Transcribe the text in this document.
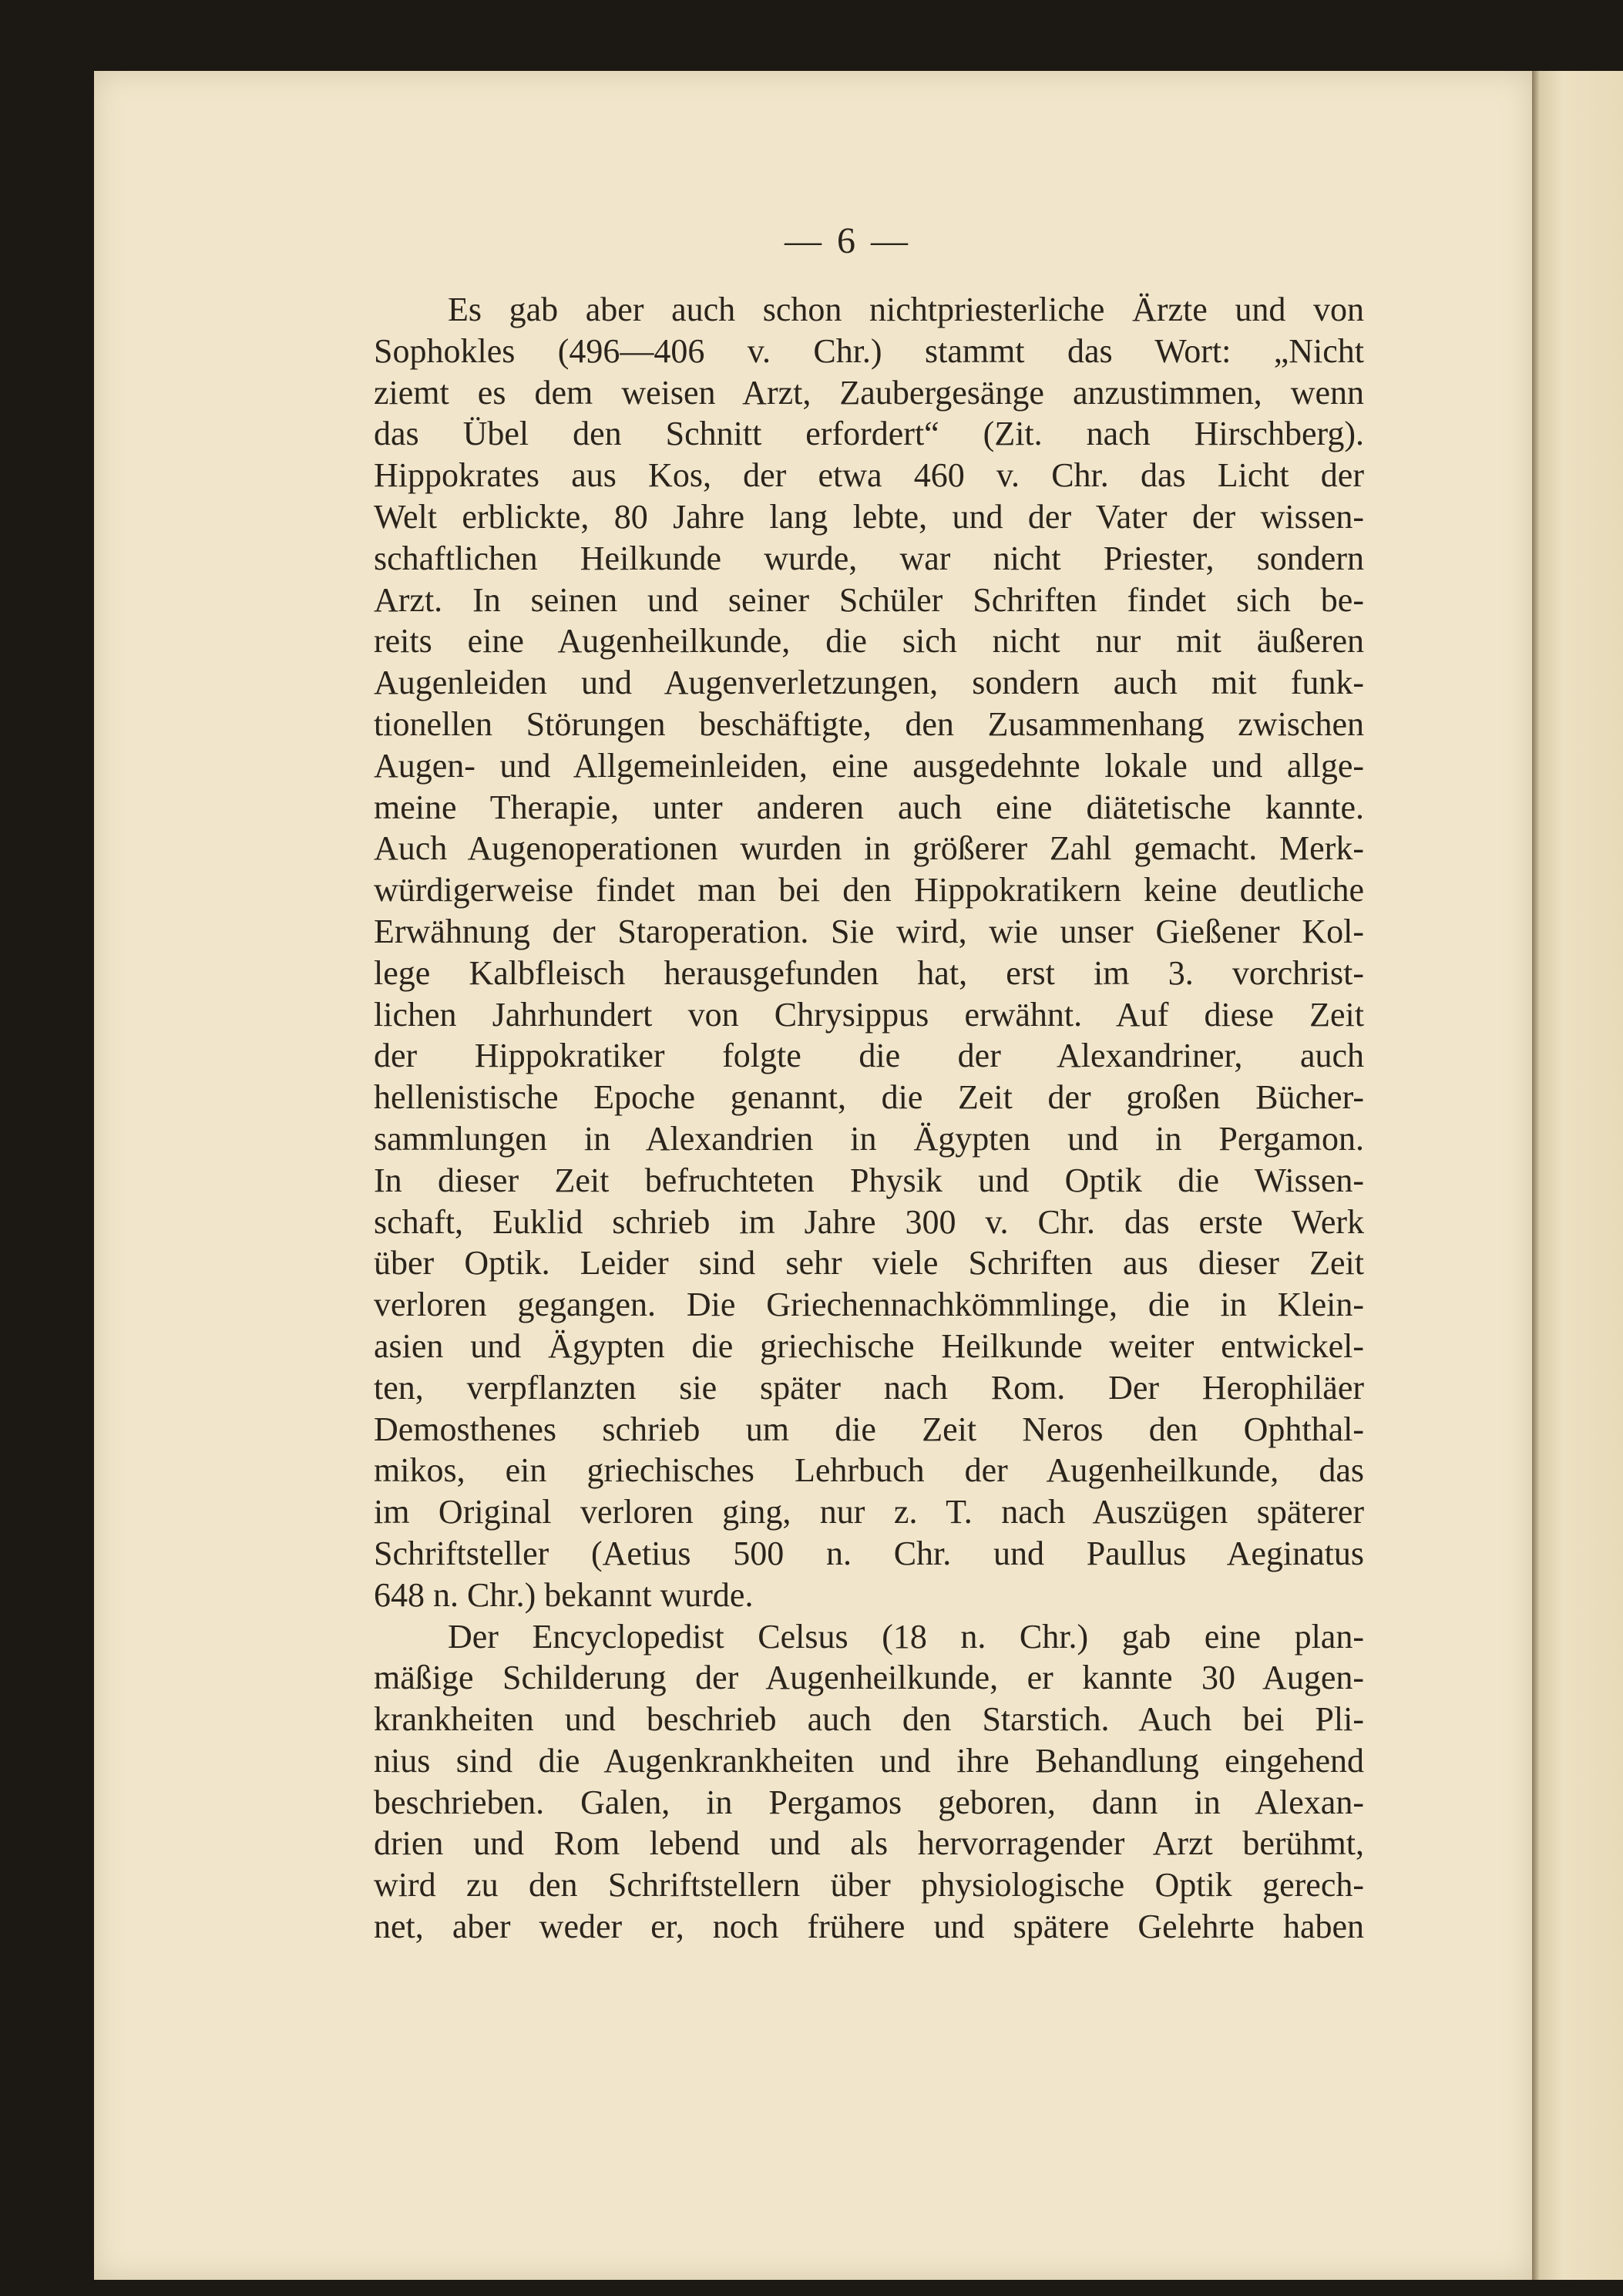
— 6 —
Es gab aber auch schon nichtpriesterliche Ärzte und von
Sophokles (496—406 v. Chr.) stammt das Wort: „Nicht
ziemt es dem weisen Arzt, Zaubergesänge anzustimmen, wenn
das Übel den Schnitt erfordert“ (Zit. nach Hirschberg).
Hippokrates aus Kos, der etwa 460 v. Chr. das Licht der
Welt erblickte, 80 Jahre lang lebte, und der Vater der wissen-
schaftlichen Heilkunde wurde, war nicht Priester, sondern
Arzt. In seinen und seiner Schüler Schriften findet sich be-
reits eine Augenheilkunde, die sich nicht nur mit äußeren
Augenleiden und Augenverletzungen, sondern auch mit funk-
tionellen Störungen beschäftigte, den Zusammenhang zwischen
Augen- und Allgemeinleiden, eine ausgedehnte lokale und allge-
meine Therapie, unter anderen auch eine diätetische kannte.
Auch Augenoperationen wurden in größerer Zahl gemacht. Merk-
würdigerweise findet man bei den Hippokratikern keine deutliche
Erwähnung der Staroperation. Sie wird, wie unser Gießener Kol-
lege Kalbfleisch herausgefunden hat, erst im 3. vorchrist-
lichen Jahrhundert von Chrysippus erwähnt. Auf diese Zeit
der Hippokratiker folgte die der Alexandriner, auch
hellenistische Epoche genannt, die Zeit der großen Bücher-
sammlungen in Alexandrien in Ägypten und in Pergamon.
In dieser Zeit befruchteten Physik und Optik die Wissen-
schaft, Euklid schrieb im Jahre 300 v. Chr. das erste Werk
über Optik. Leider sind sehr viele Schriften aus dieser Zeit
verloren gegangen. Die Griechennachkömmlinge, die in Klein-
asien und Ägypten die griechische Heilkunde weiter entwickel-
ten, verpflanzten sie später nach Rom. Der Herophiläer
Demosthenes schrieb um die Zeit Neros den Ophthal-
mikos, ein griechisches Lehrbuch der Augenheilkunde, das
im Original verloren ging, nur z. T. nach Auszügen späterer
Schriftsteller (Aetius 500 n. Chr. und Paullus Aeginatus
648 n. Chr.) bekannt wurde.
Der Encyclopedist Celsus (18 n. Chr.) gab eine plan-
mäßige Schilderung der Augenheilkunde, er kannte 30 Augen-
krankheiten und beschrieb auch den Starstich. Auch bei Pli-
nius sind die Augenkrankheiten und ihre Behandlung eingehend
beschrieben. Galen, in Pergamos geboren, dann in Alexan-
drien und Rom lebend und als hervorragender Arzt berühmt,
wird zu den Schriftstellern über physiologische Optik gerech-
net, aber weder er, noch frühere und spätere Gelehrte haben
